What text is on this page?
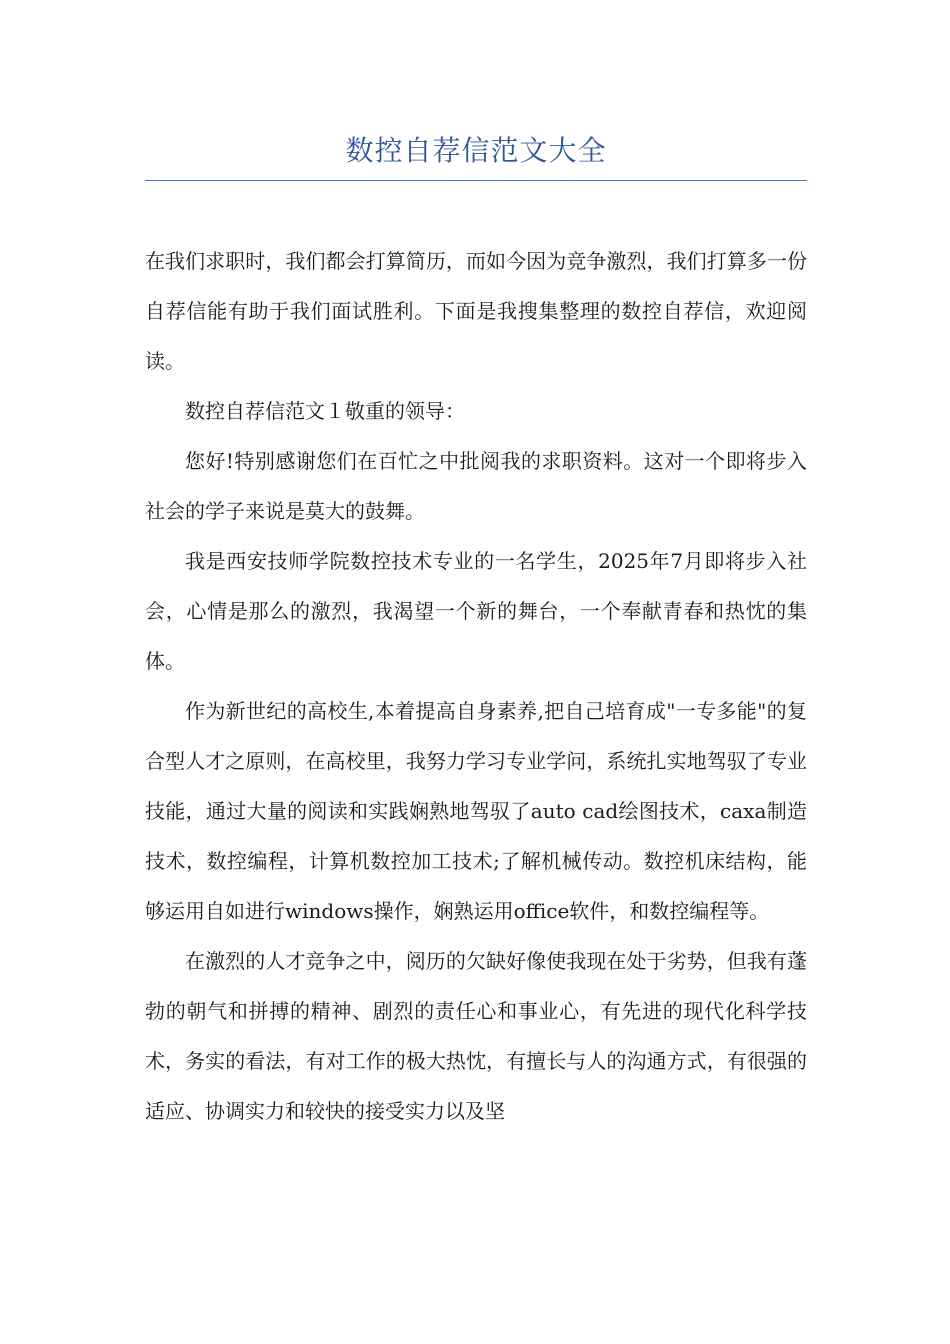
数控自荐信范文大全

在我们求职时，我们都会打算简历，而如今因为竞争激烈，我们打算多一份自荐信能有助于我们面试胜利。下面是我搜集整理的数控自荐信，欢迎阅读。

数控自荐信范文１敬重的领导：

您好!特别感谢您们在百忙之中批阅我的求职资料。这对一个即将步入社会的学子来说是莫大的鼓舞。

我是西安技师学院数控技术专业的一名学生，2025年7月即将步入社会，心情是那么的激烈，我渴望一个新的舞台，一个奉献青春和热忱的集体。

作为新世纪的高校生,本着提高自身素养,把自己培育成"一专多能"的复合型人才之原则，在高校里，我努力学习专业学问，系统扎实地驾驭了专业技能，通过大量的阅读和实践娴熟地驾驭了auto cad绘图技术，caxa制造技术，数控编程，计算机数控加工技术;了解机械传动。数控机床结构，能够运用自如进行windows操作，娴熟运用office软件，和数控编程等。

在激烈的人才竞争之中，阅历的欠缺好像使我现在处于劣势，但我有蓬勃的朝气和拼搏的精神、剧烈的责任心和事业心，有先进的现代化科学技术，务实的看法，有对工作的极大热忱，有擅长与人的沟通方式，有很强的适应、协调实力和较快的接受实力以及坚
